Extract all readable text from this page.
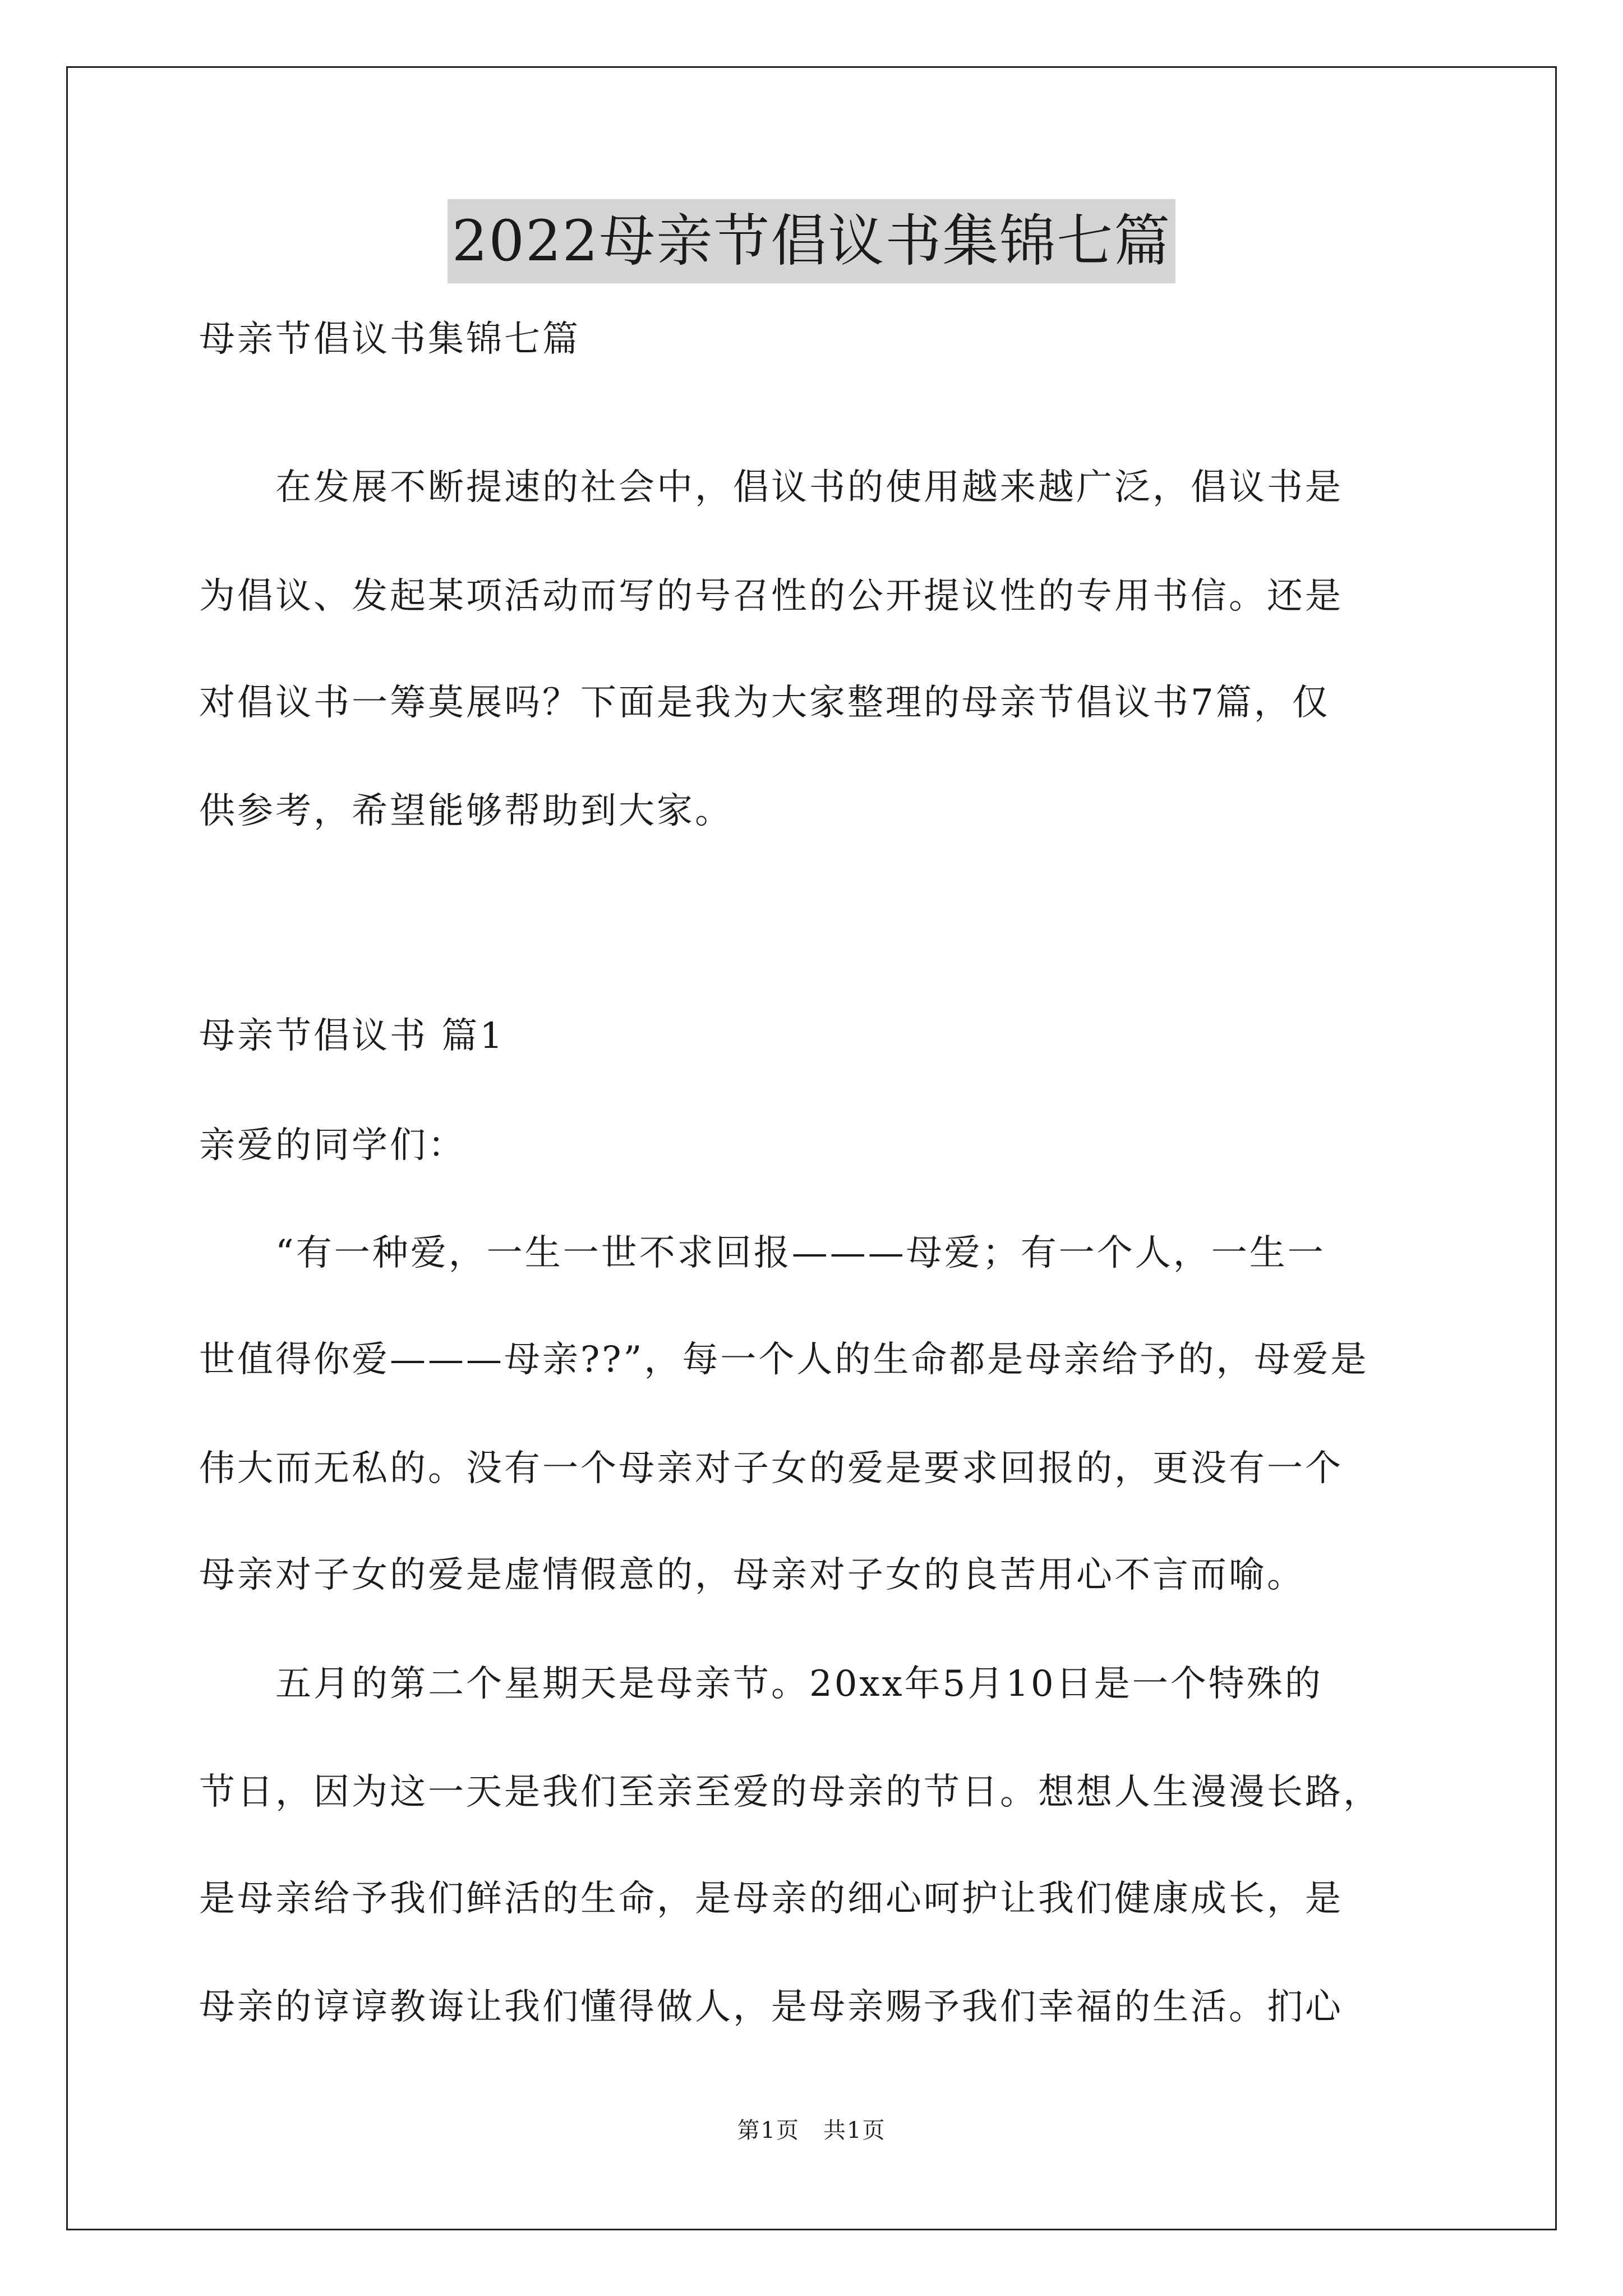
2022母亲节倡议书集锦七篇
母亲节倡议书集锦七篇
　　在发展不断提速的社会中，倡议书的使用越来越广泛，倡议书是
为倡议、发起某项活动而写的号召性的公开提议性的专用书信。还是
对倡议书一筹莫展吗？下面是我为大家整理的母亲节倡议书7篇，仅
供参考，希望能够帮助到大家。
母亲节倡议书 篇1
亲爱的同学们：
　　“有一种爱，一生一世不求回报———母爱；有一个人，一生一
世值得你爱———母亲??”，每一个人的生命都是母亲给予的，母爱是
伟大而无私的。没有一个母亲对子女的爱是要求回报的，更没有一个
母亲对子女的爱是虚情假意的，母亲对子女的良苦用心不言而喻。
　　五月的第二个星期天是母亲节。20xx年5月10日是一个特殊的
节日，因为这一天是我们至亲至爱的母亲的节日。想想人生漫漫长路，
是母亲给予我们鲜活的生命，是母亲的细心呵护让我们健康成长，是
母亲的谆谆教诲让我们懂得做人，是母亲赐予我们幸福的生活。扪心
第1页　共1页
